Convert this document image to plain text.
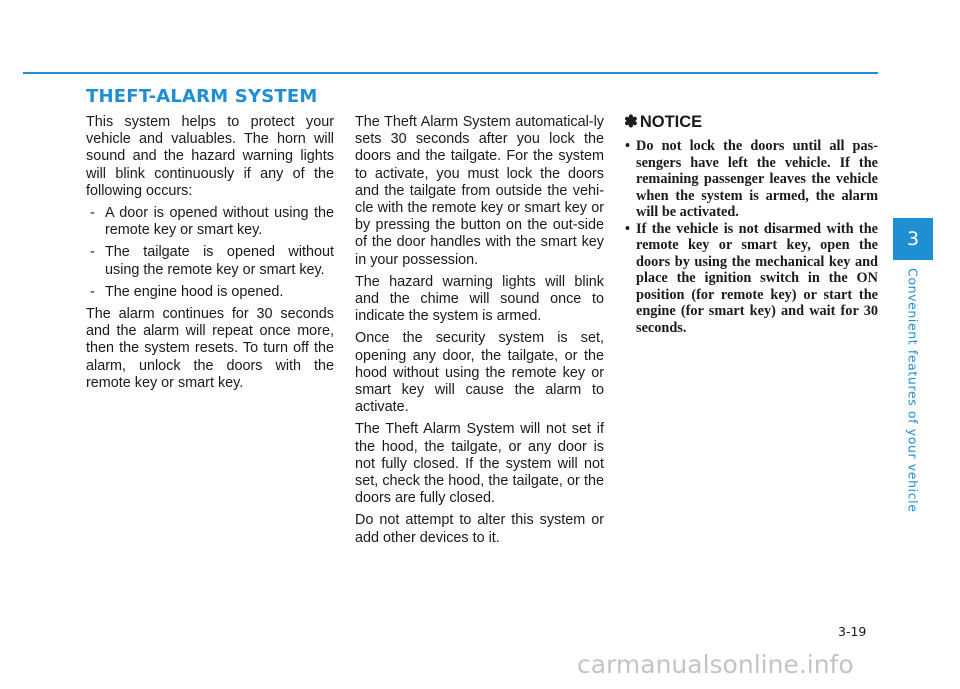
THEFT-ALARM SYSTEM

This system helps to protect your vehicle and valuables. The horn will sound and the hazard warning lights will blink continuously if any of the following occurs:

- A door is opened without using the remote key or smart key.
- The tailgate is opened without using the remote key or smart key.
- The engine hood is opened.

The alarm continues for 30 seconds and the alarm will repeat once more, then the system resets. To turn off the alarm, unlock the doors with the remote key or smart key.

The Theft Alarm System automatical-ly sets 30 seconds after you lock the doors and the tailgate. For the system to activate, you must lock the doors and the tailgate from outside the vehi-cle with the remote key or smart key or by pressing the button on the out-side of the door handles with the smart key in your possession.

The hazard warning lights will blink and the chime will sound once to indicate the system is armed.

Once the security system is set, opening any door, the tailgate, or the hood without using the remote key or smart key will cause the alarm to activate.

The Theft Alarm System will not set if the hood, the tailgate, or any door is not fully closed. If the system will not set, check the hood, the tailgate, or the doors are fully closed.

Do not attempt to alter this system or add other devices to it.

✽ NOTICE
• Do not lock the doors until all pas-sengers have left the vehicle. If the remaining passenger leaves the vehicle when the system is armed, the alarm will be activated.
• If the vehicle is not disarmed with the remote key or smart key, open the doors by using the mechanical key and place the ignition switch in the ON position (for remote key) or start the engine (for smart key) and wait for 30 seconds.
3
Convenient features of your vehicle
3-19
carmanualsonline.info
